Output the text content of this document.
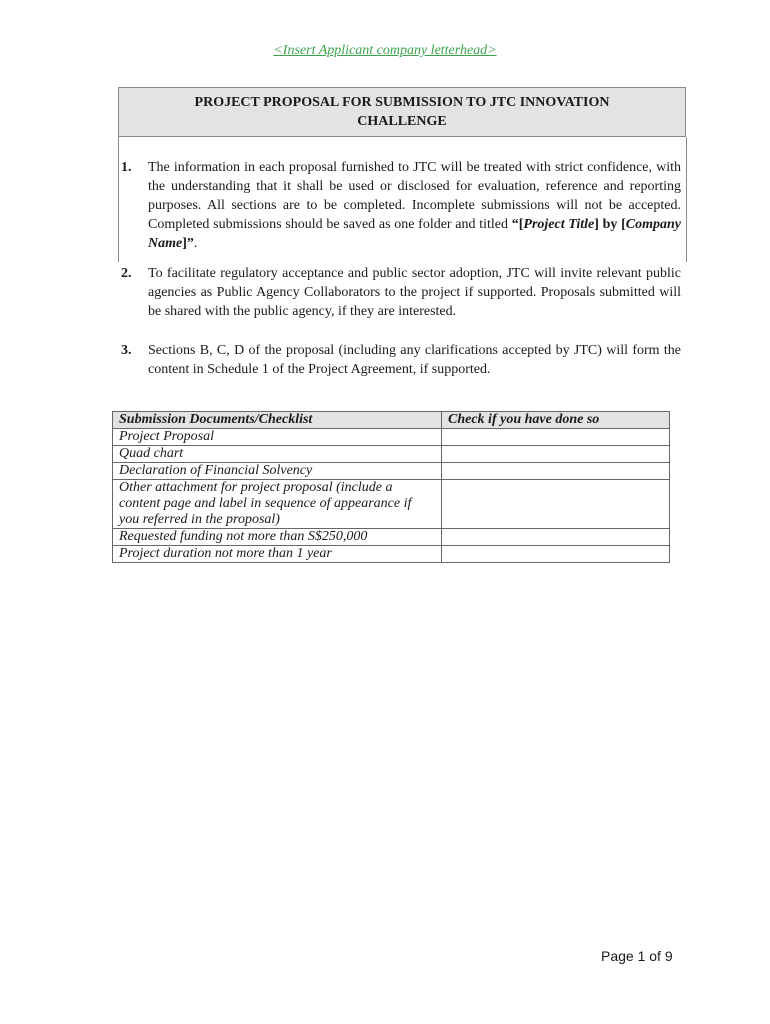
<Insert Applicant company letterhead>
PROJECT PROPOSAL FOR SUBMISSION TO JTC INNOVATION CHALLENGE
1.	The information in each proposal furnished to JTC will be treated with strict confidence, with the understanding that it shall be used or disclosed for evaluation, reference and reporting purposes. All sections are to be completed. Incomplete submissions will not be accepted. Completed submissions should be saved as one folder and titled “[Project Title] by [Company Name]”.
2.	To facilitate regulatory acceptance and public sector adoption, JTC will invite relevant public agencies as Public Agency Collaborators to the project if supported. Proposals submitted will be shared with the public agency, if they are interested.
3.	Sections B, C, D of the proposal (including any clarifications accepted by JTC) will form the content in Schedule 1 of the Project Agreement, if supported.
Submission Documents/Checklist	Check if you have done so
Project Proposal	
Quad chart	
Declaration of Financial Solvency	
Other attachment for project proposal (include a content page and label in sequence of appearance if you referred in the proposal)	
Requested funding not more than S$250,000	
Project duration not more than 1 year	
Page 1 of 9
